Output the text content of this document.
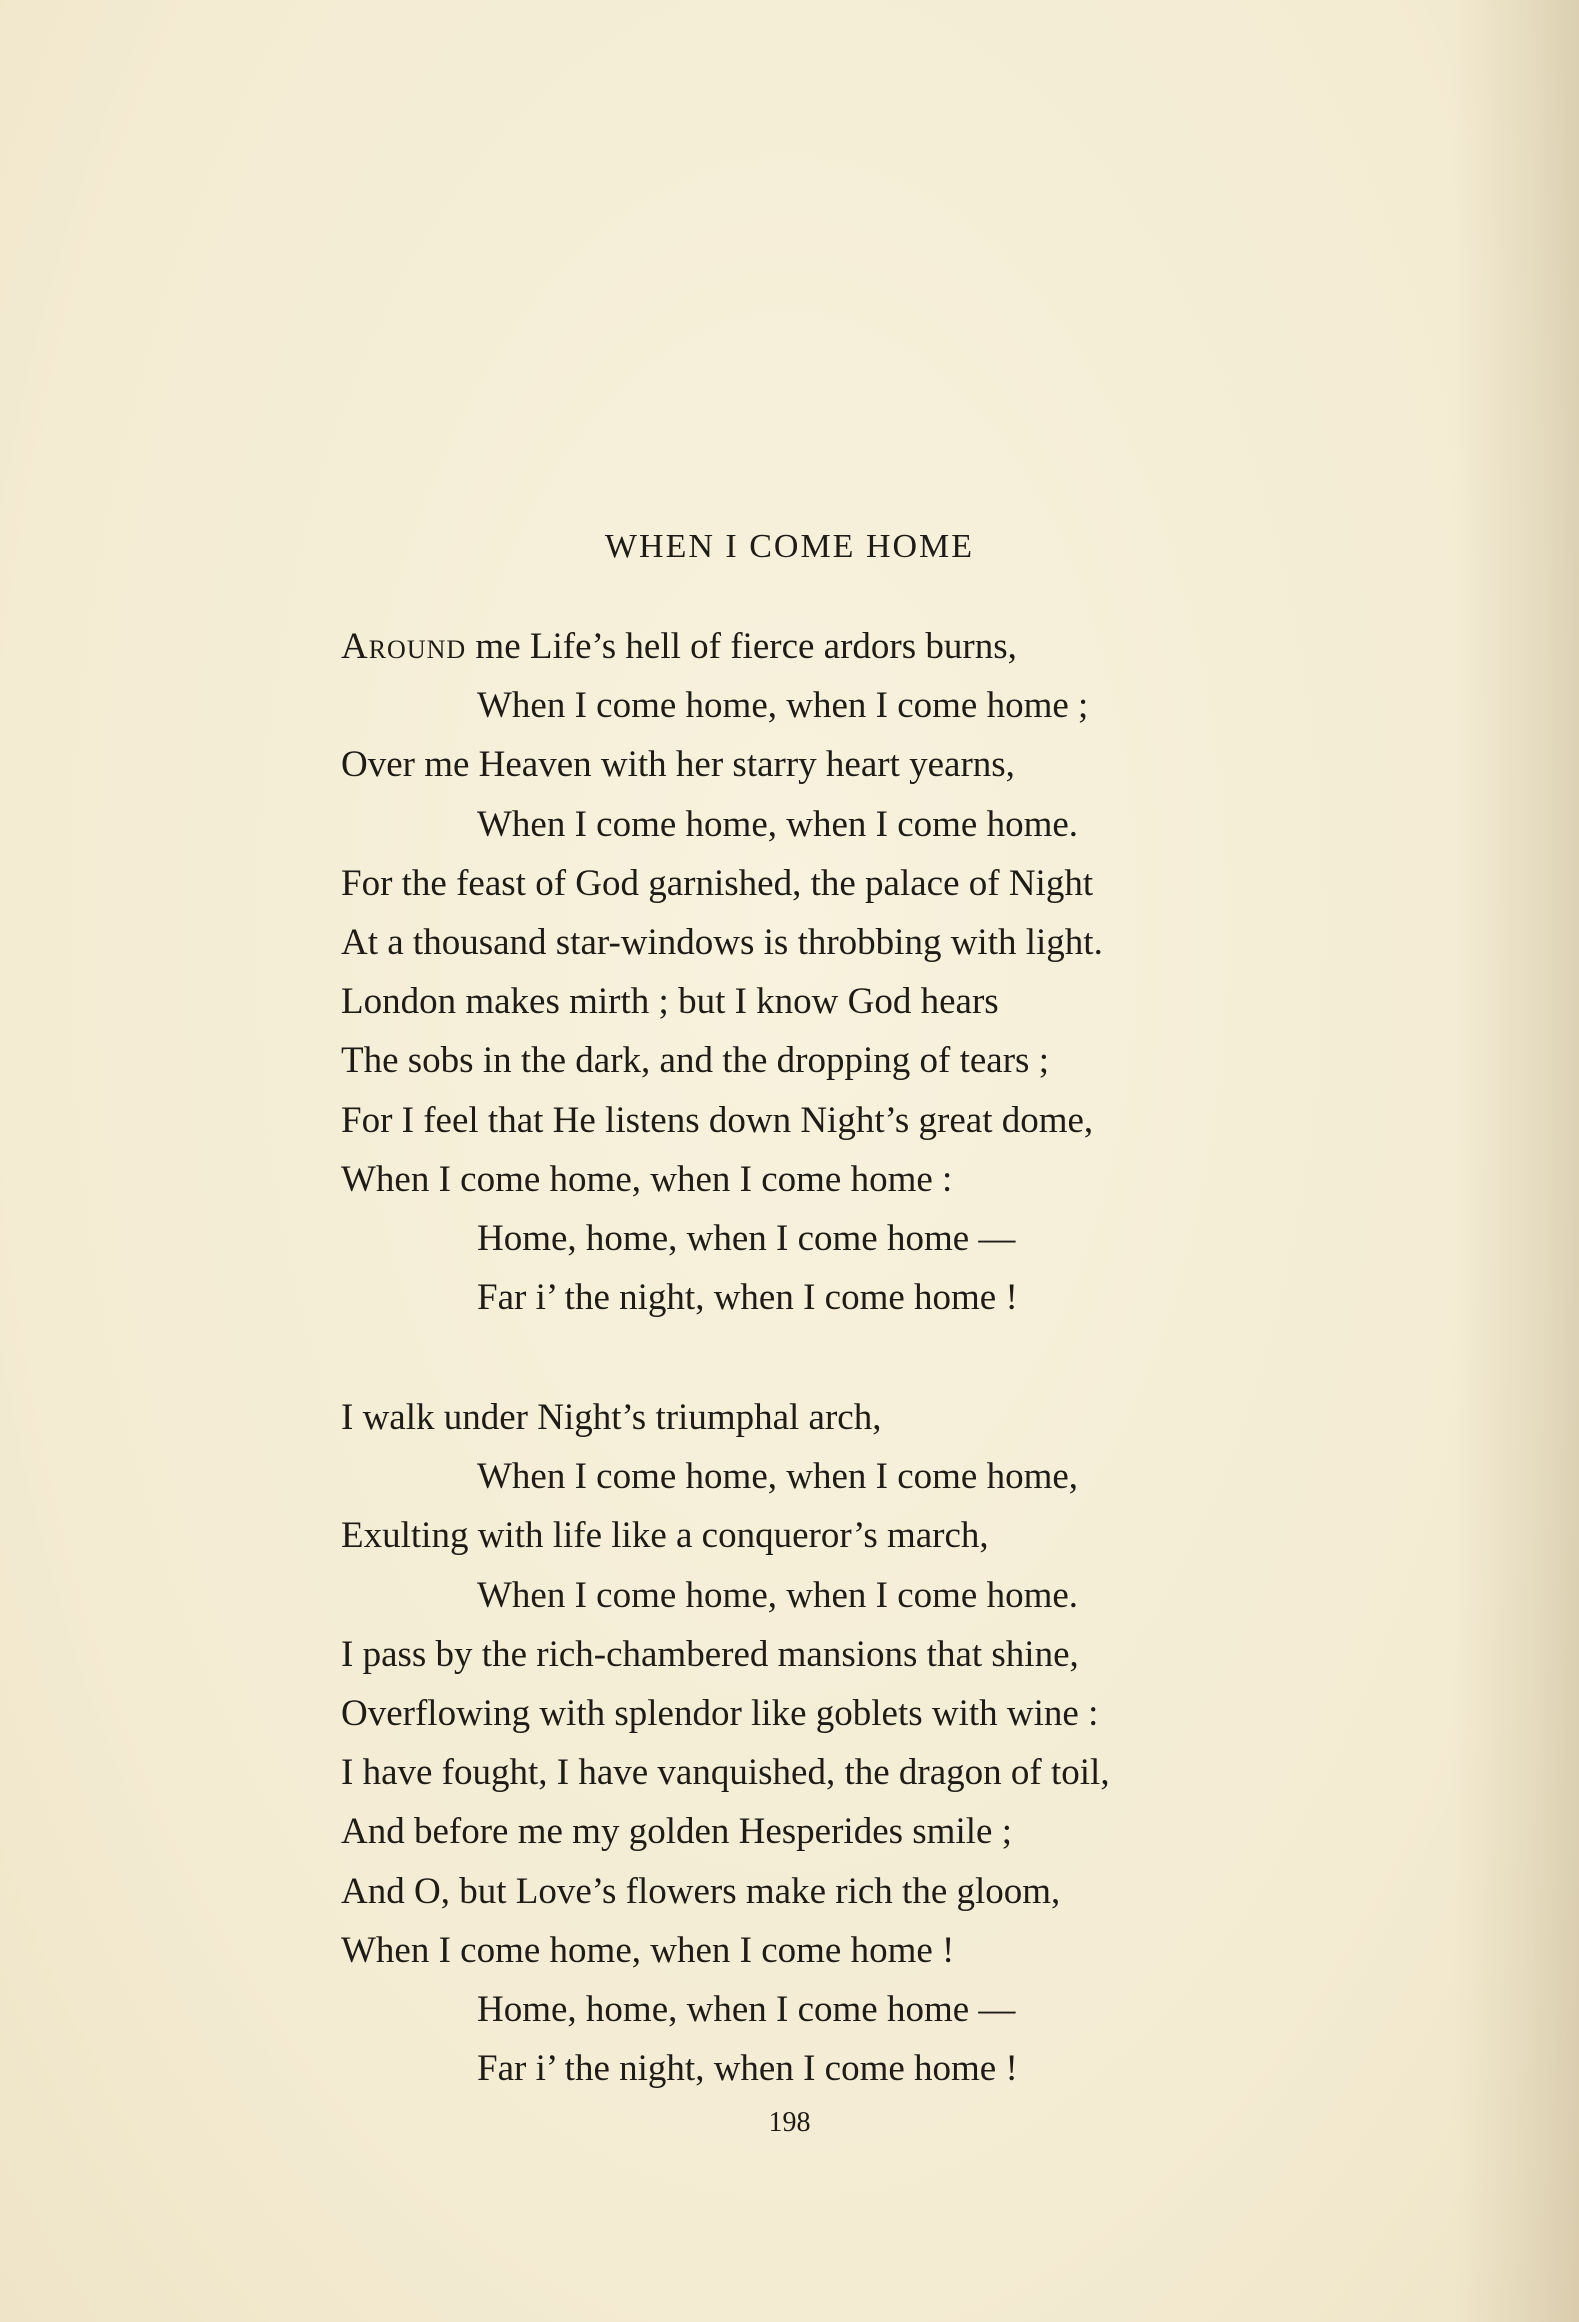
WHEN I COME HOME
Around me Life’s hell of fierce ardors burns,
When I come home, when I come home ;
Over me Heaven with her starry heart yearns,
When I come home, when I come home.
For the feast of God garnished, the palace of Night
At a thousand star-windows is throbbing with light.
London makes mirth ; but I know God hears
The sobs in the dark, and the dropping of tears ;
For I feel that He listens down Night’s great dome,
When I come home, when I come home :
Home, home, when I come home —
Far i’ the night, when I come home !
I walk under Night’s triumphal arch,
When I come home, when I come home,
Exulting with life like a conqueror’s march,
When I come home, when I come home.
I pass by the rich-chambered mansions that shine,
Overflowing with splendor like goblets with wine :
I have fought, I have vanquished, the dragon of toil,
And before me my golden Hesperides smile ;
And O, but Love’s flowers make rich the gloom,
When I come home, when I come home !
Home, home, when I come home —
Far i’ the night, when I come home !
198
